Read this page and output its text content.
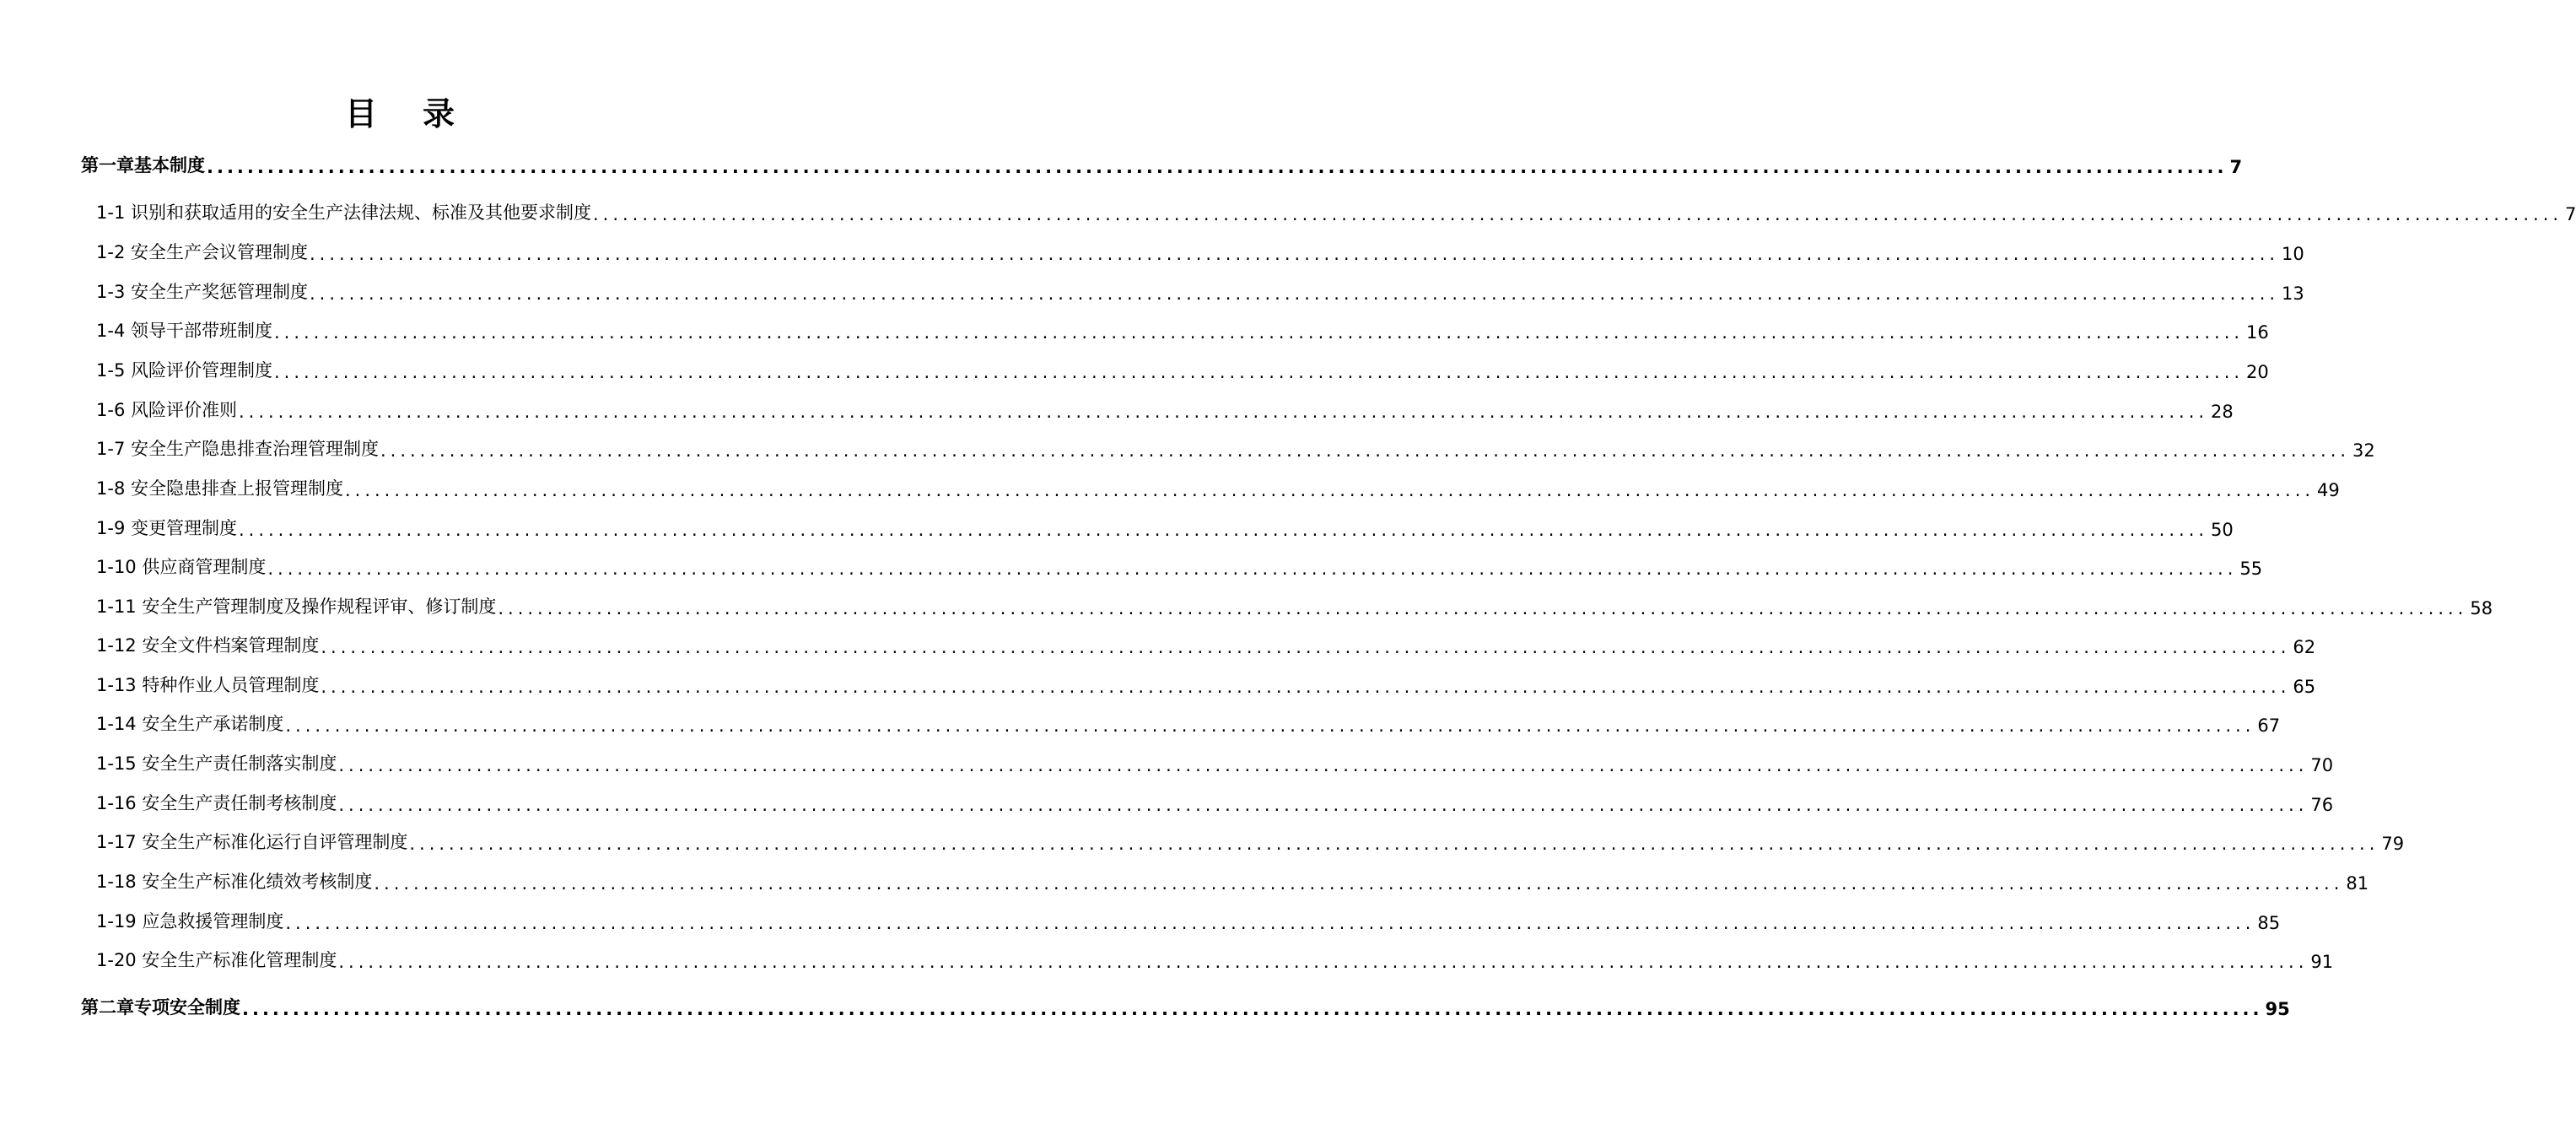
目 录
第一章基本制度 ........................................................................................................................................................................................................ 7
1-1 识别和获取适用的安全生产法律法规、标准及其他要求制度 ........................................................................................................................................................................................................ 7
1-2 安全生产会议管理制度 ........................................................................................................................................................................................................ 10
1-3 安全生产奖惩管理制度 ........................................................................................................................................................................................................ 13
1-4 领导干部带班制度 ........................................................................................................................................................................................................ 16
1-5 风险评价管理制度 ........................................................................................................................................................................................................ 20
1-6 风险评价准则 ........................................................................................................................................................................................................ 28
1-7 安全生产隐患排查治理管理制度 ........................................................................................................................................................................................................ 32
1-8 安全隐患排查上报管理制度 ........................................................................................................................................................................................................ 49
1-9 变更管理制度 ........................................................................................................................................................................................................ 50
1-10 供应商管理制度 ........................................................................................................................................................................................................ 55
1-11 安全生产管理制度及操作规程评审、修订制度 ........................................................................................................................................................................................................ 58
1-12 安全文件档案管理制度 ........................................................................................................................................................................................................ 62
1-13 特种作业人员管理制度 ........................................................................................................................................................................................................ 65
1-14 安全生产承诺制度 ........................................................................................................................................................................................................ 67
1-15 安全生产责任制落实制度 ........................................................................................................................................................................................................ 70
1-16 安全生产责任制考核制度 ........................................................................................................................................................................................................ 76
1-17 安全生产标准化运行自评管理制度 ........................................................................................................................................................................................................ 79
1-18 安全生产标准化绩效考核制度 ........................................................................................................................................................................................................ 81
1-19 应急救援管理制度 ........................................................................................................................................................................................................ 85
1-20 安全生产标准化管理制度 ........................................................................................................................................................................................................ 91
第二章专项安全制度 ........................................................................................................................................................................................................ 95
